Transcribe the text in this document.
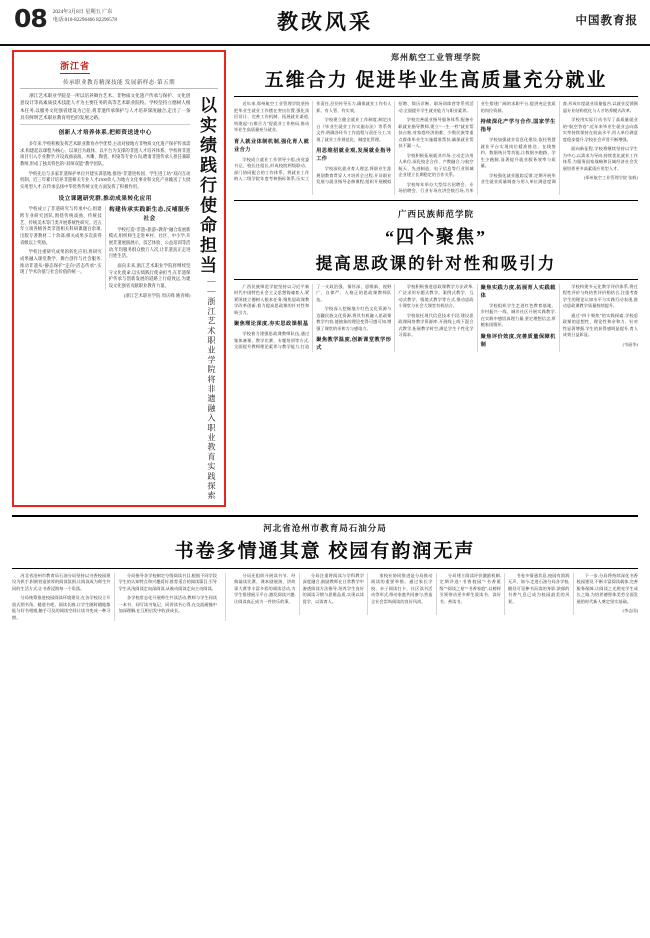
08 2024年3月8日 星期五 广东
电话:010-82296466 82296578	教改风采	中国教育报
浙江省
传承职业教育精深技能 发展新样态·第五期
以实绩践行使命担当
——浙江艺术职业学院将非遗融入职业教育实践探索

浙江艺术职业学院是一所以培养舞台艺术、非物质文化遗产传承与保护、文化创意设计等高素质技术技能人才为主要任务的高等艺术职业院校。学校坚持立德树人根本任务,以服务文化强省建设为己任,将非遗传承保护与人才培养深度融合,走出了一条具有鲜明艺术职业教育特色的发展之路。

创新人才培养体系,把师资送进中心

多年来,学校积极发挥艺术职业教育办学优势,主动对接地方非物质文化遗产保护传承需求,构建起以课程为核心、以项目为载体、以平台为支撑的非遗人才培养体系。学校将非遗项目引入专业教学,开设戏曲表演、木雕、陶瓷、织染等专业方向,聘请非遗传承人担任兼职教师,形成了独具特色的“双师双能”教学团队。

学校先后与多家非遗保护单位共建实训基地,推进“非遗进校园、学生进工坊”双向互动机制。近三年累计培养非遗相关专业人才2300余人,为地方文化事业和文化产业输送了大批实用型人才,在传承弘扬中华优秀传统文化方面发挥了积极作用。

设立课题研究群,推动成果转化应用

学校成立了非遗研究与传承中心,组建跨专业研究团队,围绕传统戏曲、传统技艺、传统美术等门类开展系统性研究。近五年立项各级各类非遗相关科研课题百余项,出版专著教材二十余部,相关成果多次获得省级以上奖励。

学校注重研究成果的转化应用,将研究成果融入课堂教学、舞台创作与社会服务,推动非遗从“静态保护”走向“活态传承”,实现了学术价值与社会价值的统一。

构建传承实践新生态,反哺服务社会

学校打造“非遗+旅游+教育”融合发展新模式,组织师生走进乡村、社区、中小学,开展非遗展演展示、技艺体验、公益培训等活动,年均服务群众数万人次,让非遗真正走进百姓生活。

面向未来,浙江艺术职业学院将继续坚守文化使命,以实绩践行使命担当,在非遗保护传承与创新发展的道路上行稳致远,为建设文化强省贡献职业教育力量。

(浙江艺术职业学院 周庆峰 姚青峰)
郑州航空工业管理学院
五维合力 促进毕业生高质量充分就业

近年来,郑州航空工业管理学院坚持把毕业生就业工作摆在突出位置,强化顶层设计、完善工作机制、拓展就业渠道,构建起“五维合力”促就业工作格局,推动毕业生高质量充分就业。

育人就业体制机制,强化育人就业合力

学校成立就业工作领导小组,由党委书记、校长任组长,形成校院两级联动、部门协同配合的工作体系。将就业工作纳入二级学院年度考核指标体系,压实工作责任,层层传导压力,确保就业工作有人抓、有人管、有实效。

学校建立健全就业工作制度,制定出台《毕业生就业工作实施办法》等系列文件,明确各环节工作流程与责任分工,实现了就业工作规范化、制度化管理。

用思维招就业观,发展就业指导工作

学校深化就业育人理念,将职业生涯规划教育贯穿人才培养全过程,开设职业发展与就业指导必修课程,组织开展模拟招聘、简历诊断、职场训练营等系列活动,全面提升学生就业能力与职业素养。

学校完善就业指导服务体系,配备专职就业指导教师,建立“一生一档”就业帮扶台账,对家庭经济困难、少数民族等重点群体毕业生实施精准帮扶,确保就业帮扶不漏一人。

学校积极拓展就业市场,主动走访用人单位,深化校企合作、产教融合,与航空航天、先进制造、电子信息等行业领域企业建立长期稳定的合作关系。

学校每年举办大型综合招聘会、专场招聘会、行业专场宣讲会数百场,为毕业生搭建广阔的求职平台,提供充足优质的岗位资源。

持续深化产学与合作,国家学生指导

学校加强就业信息化建设,依托智慧就业平台实现岗位精准推送、在线签约、数据统计等功能,让数据多跑路、学生少跑腿,显著提升就业服务效率与质量。

学校强化就业跟踪反馈,定期开展毕业生就业质量调查与用人单位满意度调查,形成年度就业质量报告,以就业反馈倒逼专业结构优化与人才培养模式改革。

学校用实际行动书写了高质量就业的“航空答卷”,近年来毕业生就业去向落实率持续保持在较高水平,用人单位满意度稳步提升,学校社会声誉不断增强。

面向新征程,学校将继续坚持以学生为中心,以需求为导向,持续优化就业工作体系,为服务国家战略和区域经济社会发展培养更多高素质应用型人才。

(郑州航空工业管理学院 张帆)

广西民族师范学院
“四个聚焦”
提高思政课的针对性和吸引力

广西民族师范学院坚持以习近平新时代中国特色社会主义思想铸魂育人,紧紧围绕立德树人根本任务,聚焦思政课教学改革创新,着力提高思政课的针对性和吸引力。

聚焦理论深度,夯实思政课根基

学校着力建强思政课教师队伍,通过集体备课、教学比赛、专题培训等方式,全面提升教师理论素养与教学能力,打造了一支政治强、情怀深、思维新、视野广、自律严、人格正的思政课教师队伍。

学校深入挖掘地方红色文化资源与边疆民族文化资源,将其有机融入思政课教学内容,使抽象的理论变得可感可知,增强了课堂的亲和力与感染力。

聚焦教学温度,创新课堂教学形式

学校积极推进思政课教学方法改革,广泛采用专题式教学、案例式教学、互动式教学、情境式教学等方式,推动思政小课堂与社会大课堂有机结合。

学校依托现代信息技术手段,建设思政课网络教学资源库,开展线上线下混合式教学,拓展教学时空,满足学生个性化学习需求。

聚焦实践力度,拓展育人实践载体

学校组织学生走进红色教育基地、乡村振兴一线、城乡社区开展实践教学,在实践中感悟真理力量,坚定理想信念,厚植家国情怀。

聚焦评价效度,完善质量保障机制

学校构建多元化教学评价体系,将过程性评价与终结性评价相结合,注重考查学生的理论认知水平与实践行动表现,推动思政课教学质量持续提升。

通过“四个聚焦”的实践探索,学校思政课的思想性、理论性和亲和力、针对性显著增强,学生的获得感明显提升,育人成效日益彰显。

(韦丽华)

河北省沧州市教育局石油分局
书卷多情通其意 校园有韵润无声

河北省沧州市教育局石油分局坚持以书香校园建设为抓手,积极营造浓厚的阅读氛围,让阅读成为师生共同的生活方式,让书香浸润每一个角落。

分局统筹推进校园阅读环境建设,在各学校设立开放式图书角、楼道书吧、阅读长廊,让学生随时随地都能与好书相遇,触手可及的阅读空间让读书变成一种习惯。

分局指导各学校制定分级阅读书目,根据不同学段学生的认知特点和兴趣爱好,推荐适合的阅读篇目,引导学生从浅阅读走向深阅读,从被动阅读走向主动阅读。

各学校常态化开展师生共读活动,教师与学生同读一本书、同写读书笔记、同讲读书心得,在交流碰撞中加深理解,在互相启发中收获成长。

分局还组织开展读书节、经典诵读比赛、课本剧展演、讲故事大赛等丰富多彩的阅读活动,为学生搭建展示平台,激发阅读兴趣,让阅读真正成为一件快乐的事。

分局注重将阅读与学科教学深度融合,鼓励教师在日常教学中渗透阅读方法指导,培养学生良好的阅读习惯与思维品质,实现以读促学、以读育人。

家校社协同推进是分局推动阅读的重要举措。通过家长学校、亲子阅读打卡、社区读书活动等形式,带动家庭共同参与,营造全社会崇尚阅读的良好风尚。

分局建立阅读评价激励机制,定期评选“书香校园”“书香班级”“阅读之星”“书香家庭”,以榜样引领带动更多师生爱读书、读好书、善读书。

书卷多情通其意,校园有韵润无声。如今,走进石油分局各学校,随处可见捧书而读的身影,浓郁的书香气息已成为校园最美的风景。

下一步,分局将持续深化书香校园建设,不断丰富阅读载体,完善服务保障,让阅读之光照亮学生成长之路,为培养德智体美劳全面发展的时代新人奠定坚实基础。

(李志国)
